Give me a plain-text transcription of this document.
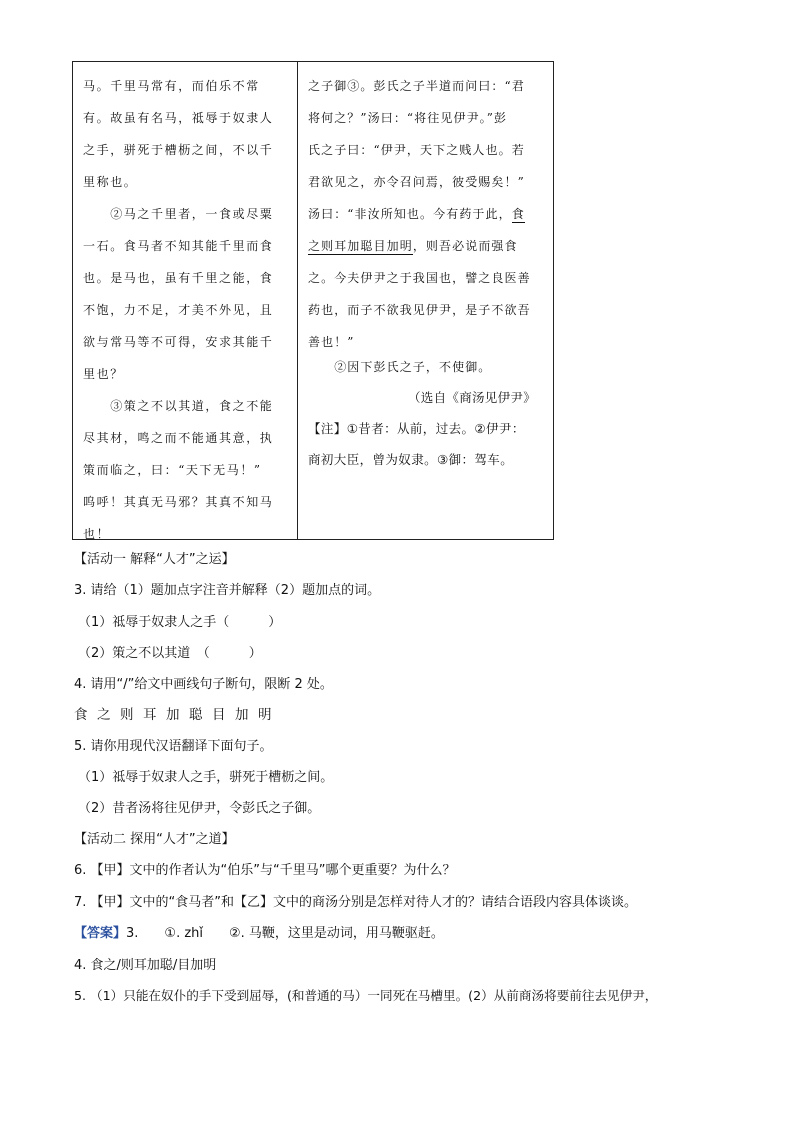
马。千里马常有，而伯乐不常
有。故虽有名马，祗辱于奴隶人
之手，骈死于槽枥之间，不以千
里称也。
　　②马之千里者，一食或尽粟
一石。食马者不知其能千里而食
也。是马也，虽有千里之能，食
不饱，力不足，才美不外见，且
欲与常马等不可得，安求其能千
里也？
　　③策之不以其道，食之不能
尽其材，鸣之而不能通其意，执
策而临之，曰：“天下无马！”
呜呼！其真无马邪？其真不知马
也！
之子御③。彭氏之子半道而问曰：“君
将何之？”汤曰：“将往见伊尹。”彭
氏之子曰：“伊尹，天下之贱人也。若
君欲见之，亦令召问焉，彼受赐矣！”
汤曰：“非汝所知也。今有药于此，食
之则耳加聪目加明，则吾必说而强食
之。今夫伊尹之于我国也，譬之良医善
药也，而子不欲我见伊尹，是子不欲吾
善也！”
　　②因下彭氏之子，不使御。
（选自《商汤见伊尹》
【注】①昔者：从前，过去。②伊尹：
商初大臣，曾为奴隶。③御：驾车。
【活动一 解释“人才”之运】
3. 请给（1）题加点字注音并解释（2）题加点的词。
（1）祗辱于奴隶人之手（　　　）
（2）策之不以其道　（　　　）
4. 请用“/”给文中画线句子断句，限断 2 处。
食之则耳加聪目加明
5. 请你用现代汉语翻译下面句子。
（1）祗辱于奴隶人之手，骈死于槽枥之间。
（2）昔者汤将往见伊尹，令彭氏之子御。
【活动二 探用“人才”之道】
6. 【甲】文中的作者认为“伯乐”与“千里马”哪个更重要？为什么？
7. 【甲】文中的“食马者”和【乙】文中的商汤分别是怎样对待人才的？请结合语段内容具体谈谈。
【答案】3.　　①. zhǐ　　②. 马鞭，这里是动词，用马鞭驱赶。
4. 食之/则耳加聪/目加明
5. （1）只能在奴仆的手下受到屈辱，(和普通的马）一同死在马槽里。(2）从前商汤将要前往去见伊尹，
